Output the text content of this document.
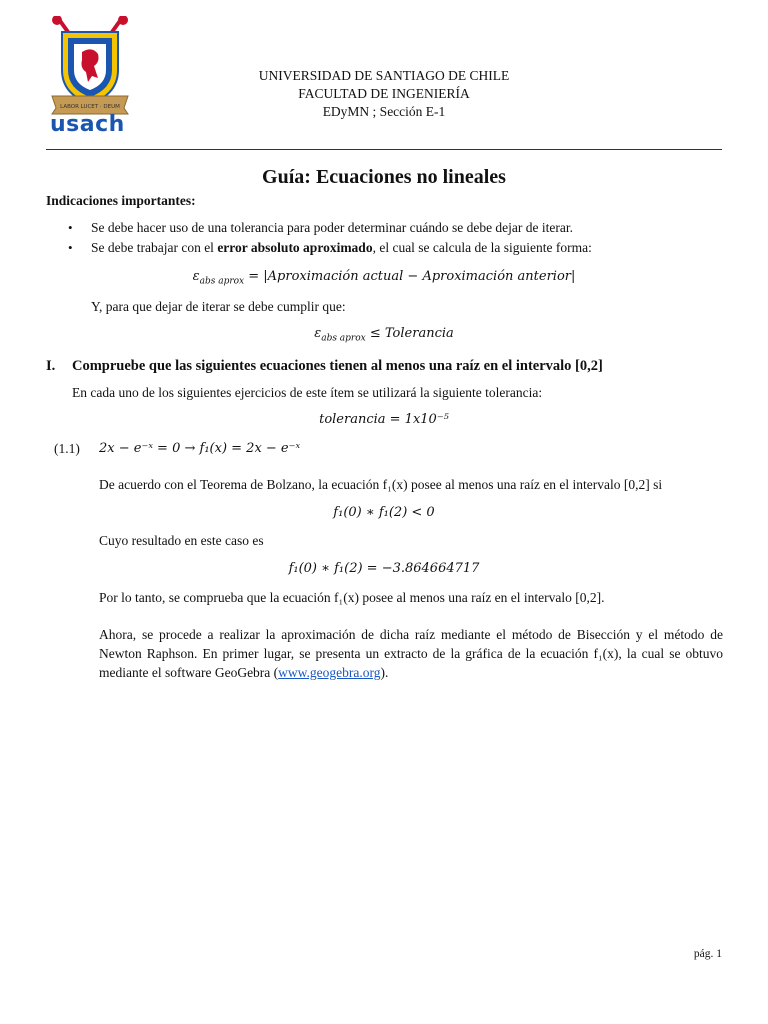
LABOR LUCET · DEUM
usach
UNIVERSIDAD DE SANTIAGO DE CHILE
FACULTAD DE INGENIERÍA
EDyMN ; Sección E-1
Guía: Ecuaciones no lineales
Indicaciones importantes:
• Se debe hacer uso de una tolerancia para poder determinar cuándo se debe dejar de iterar.
• Se debe trabajar con el error absoluto aproximado, el cual se calcula de la siguiente forma:
$\varepsilon_{abs aprox}$ = |Aproximación actual − Aproximación anterior|
Y, para que dejar de iterar se debe cumplir que:
$\varepsilon_{abs aprox}$ ≤ Tolerancia
I. Compruebe que las siguientes ecuaciones tienen al menos una raíz en el intervalo [0,2]
En cada uno de los siguientes ejercicios de este ítem se utilizará la siguiente tolerancia:
tolerancia = 1x10⁻⁵
(1.1) 2x − e⁻ˣ = 0 → f₁(x) = 2x − e⁻ˣ
De acuerdo con el Teorema de Bolzano, la ecuación f₁(x) posee al menos una raíz en el intervalo [0,2] si
f₁(0) ∗ f₁(2) < 0
Cuyo resultado en este caso es
f₁(0) ∗ f₁(2) = −3.864664717
Por lo tanto, se comprueba que la ecuación f₁(x) posee al menos una raíz en el intervalo [0,2].
Ahora, se procede a realizar la aproximación de dicha raíz mediante el método de Bisección y el método de Newton Raphson. En primer lugar, se presenta un extracto de la gráfica de la ecuación f₁(x), la cual se obtuvo mediante el software GeoGebra (www.geogebra.org).
pág. 1
